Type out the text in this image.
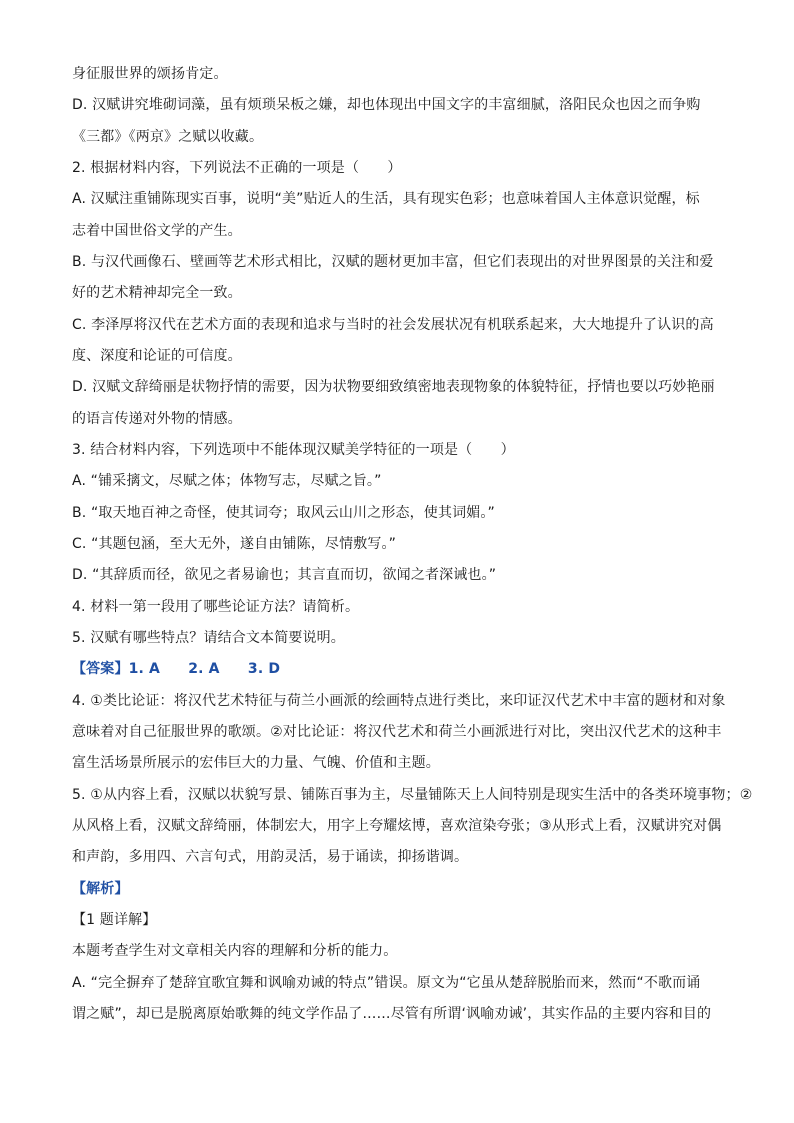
身征服世界的颂扬肯定。
D. 汉赋讲究堆砌词藻，虽有烦琐呆板之嫌，却也体现出中国文字的丰富细腻，洛阳民众也因之而争购
《三都》《两京》之赋以收藏。
2. 根据材料内容，下列说法不正确的一项是（　　）
A. 汉赋注重铺陈现实百事，说明“美”贴近人的生活，具有现实色彩；也意味着国人主体意识觉醒，标
志着中国世俗文学的产生。
B. 与汉代画像石、壁画等艺术形式相比，汉赋的题材更加丰富，但它们表现出的对世界图景的关注和爱
好的艺术精神却完全一致。
C. 李泽厚将汉代在艺术方面的表现和追求与当时的社会发展状况有机联系起来，大大地提升了认识的高
度、深度和论证的可信度。
D. 汉赋文辞绮丽是状物抒情的需要，因为状物要细致缜密地表现物象的体貌特征，抒情也要以巧妙艳丽
的语言传递对外物的情感。
3. 结合材料内容，下列选项中不能体现汉赋美学特征的一项是（　　）
A. “铺采摛文，尽赋之体；体物写志，尽赋之旨。”
B. “取天地百神之奇怪，使其词夸；取风云山川之形态，使其词媚。”
C. “其题包涵，至大无外，遂自由铺陈，尽情敷写。”
D. “其辞质而径，欲见之者易谕也；其言直而切，欲闻之者深诫也。”
4. 材料一第一段用了哪些论证方法？请简析。
5. 汉赋有哪些特点？请结合文本简要说明。
【答案】1. A　　2. A　　3. D
4. ①类比论证：将汉代艺术特征与荷兰小画派的绘画特点进行类比，来印证汉代艺术中丰富的题材和对象
意味着对自己征服世界的歌颂。②对比论证：将汉代艺术和荷兰小画派进行对比，突出汉代艺术的这种丰
富生活场景所展示的宏伟巨大的力量、气魄、价值和主题。
5. ①从内容上看，汉赋以状貌写景、铺陈百事为主，尽量铺陈天上人间特别是现实生活中的各类环境事物；②
从风格上看，汉赋文辞绮丽，体制宏大，用字上夸耀炫博，喜欢渲染夸张；③从形式上看，汉赋讲究对偶
和声韵，多用四、六言句式，用韵灵活，易于诵读，抑扬谐调。
【解析】
【1 题详解】
本题考查学生对文章相关内容的理解和分析的能力。
A. “完全摒弃了楚辞宜歌宜舞和讽喻劝诫的特点”错误。原文为“它虽从楚辞脱胎而来，然而“不歌而诵
谓之赋”，却已是脱离原始歌舞的纯文学作品了……尽管有所谓‘讽喻劝诫’，其实作品的主要内容和目的
